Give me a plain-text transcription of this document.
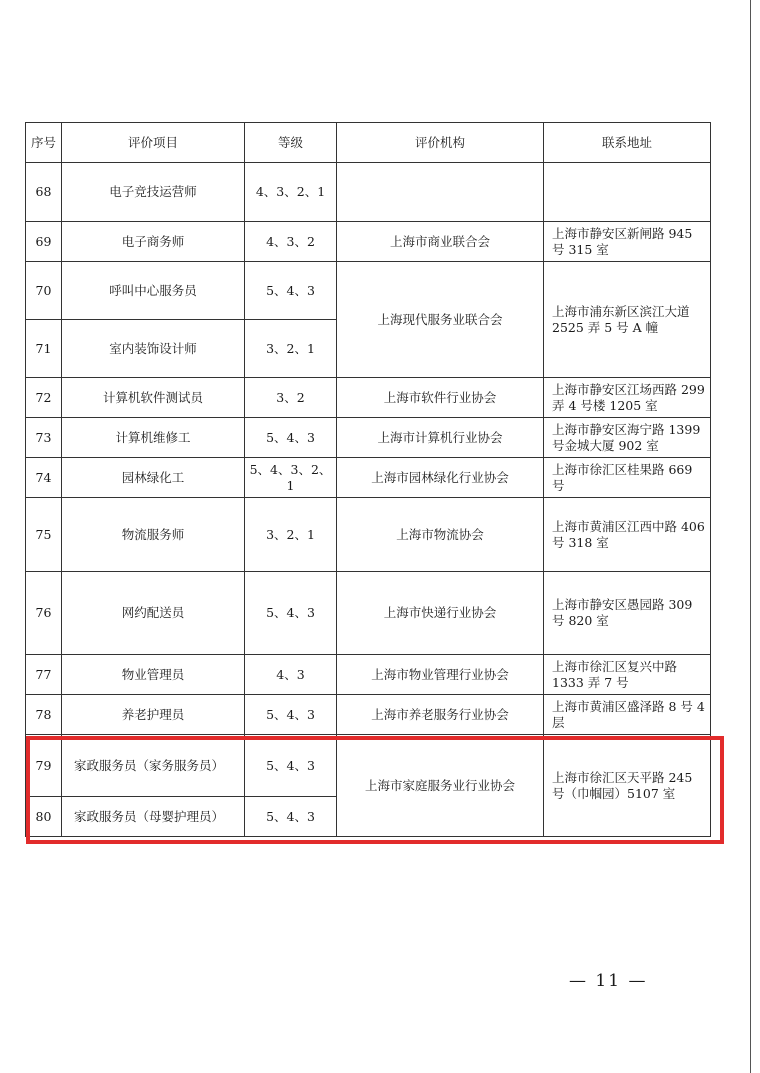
序号	评价项目	等级	评价机构	联系地址
68	电子竞技运营师	4、3、2、1		
69	电子商务师	4、3、2	上海市商业联合会	上海市静安区新闸路 945 号 315 室
70	呼叫中心服务员	5、4、3	上海现代服务业联合会	上海市浦东新区滨江大道 2525 弄 5 号 A 幢
71	室内装饰设计师	3、2、1		
72	计算机软件测试员	3、2	上海市软件行业协会	上海市静安区江场西路 299 弄 4 号楼 1205 室
73	计算机维修工	5、4、3	上海市计算机行业协会	上海市静安区海宁路 1399 号金城大厦 902 室
74	园林绿化工	5、4、3、2、1	上海市园林绿化行业协会	上海市徐汇区桂果路 669 号
75	物流服务师	3、2、1	上海市物流协会	上海市黄浦区江西中路 406 号 318 室
76	网约配送员	5、4、3	上海市快递行业协会	上海市静安区愚园路 309 号 820 室
77	物业管理员	4、3	上海市物业管理行业协会	上海市徐汇区复兴中路 1333 弄 7 号
78	养老护理员	5、4、3	上海市养老服务行业协会	上海市黄浦区盛泽路 8 号 4 层
79	家政服务员（家务服务员）	5、4、3	上海市家庭服务业行业协会	上海市徐汇区天平路 245 号（巾帼园）5107 室
80	家政服务员（母婴护理员）	5、4、3		
— 11 —
